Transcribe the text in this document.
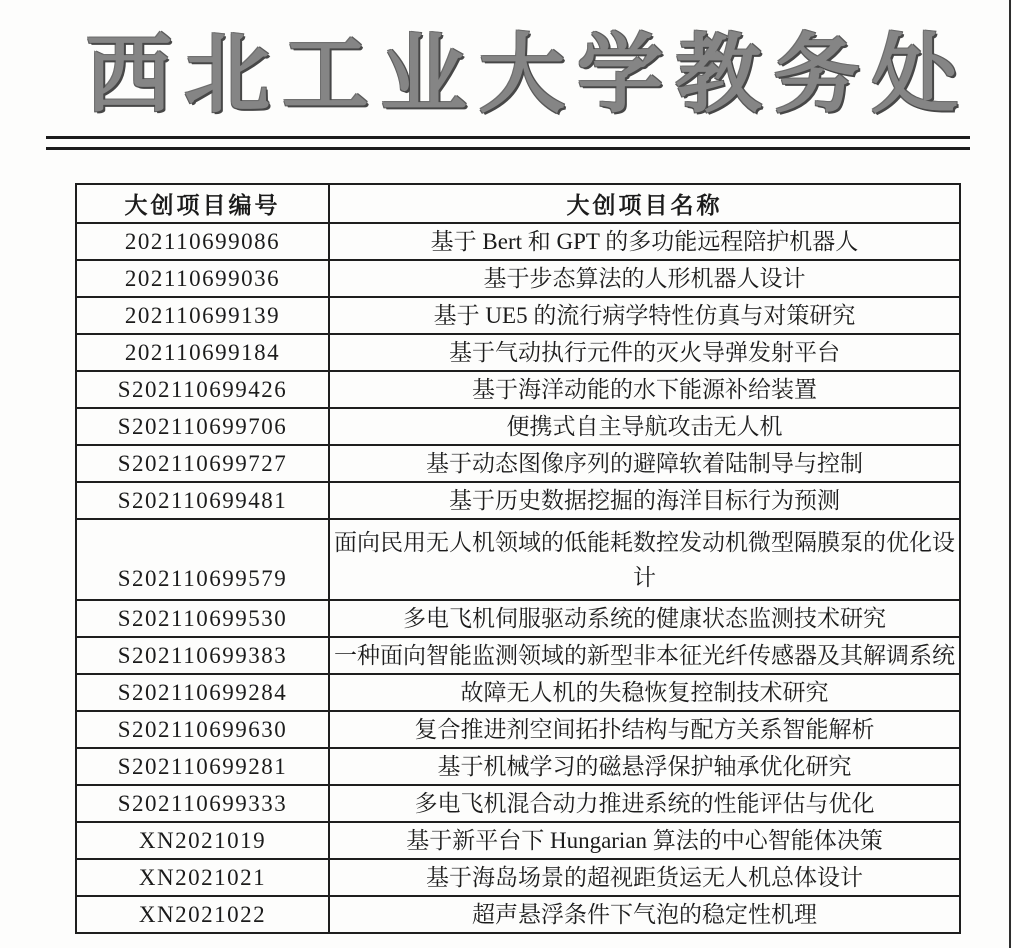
西 北 工 业 大 学 教 务 处
大创项目编号	大创项目名称
202110699086	基于 Bert 和 GPT 的多功能远程陪护机器人
202110699036	基于步态算法的人形机器人设计
202110699139	基于 UE5 的流行病学特性仿真与对策研究
202110699184	基于气动执行元件的灭火导弹发射平台
S202110699426	基于海洋动能的水下能源补给装置
S202110699706	便携式自主导航攻击无人机
S202110699727	基于动态图像序列的避障软着陆制导与控制
S202110699481	基于历史数据挖掘的海洋目标行为预测
S202110699579	面向民用无人机领域的低能耗数控发动机微型隔膜泵的优化设计
S202110699530	多电飞机伺服驱动系统的健康状态监测技术研究
S202110699383	一种面向智能监测领域的新型非本征光纤传感器及其解调系统
S202110699284	故障无人机的失稳恢复控制技术研究
S202110699630	复合推进剂空间拓扑结构与配方关系智能解析
S202110699281	基于机械学习的磁悬浮保护轴承优化研究
S202110699333	多电飞机混合动力推进系统的性能评估与优化
XN2021019	基于新平台下 Hungarian 算法的中心智能体决策
XN2021021	基于海岛场景的超视距货运无人机总体设计
XN2021022	超声悬浮条件下气泡的稳定性机理
